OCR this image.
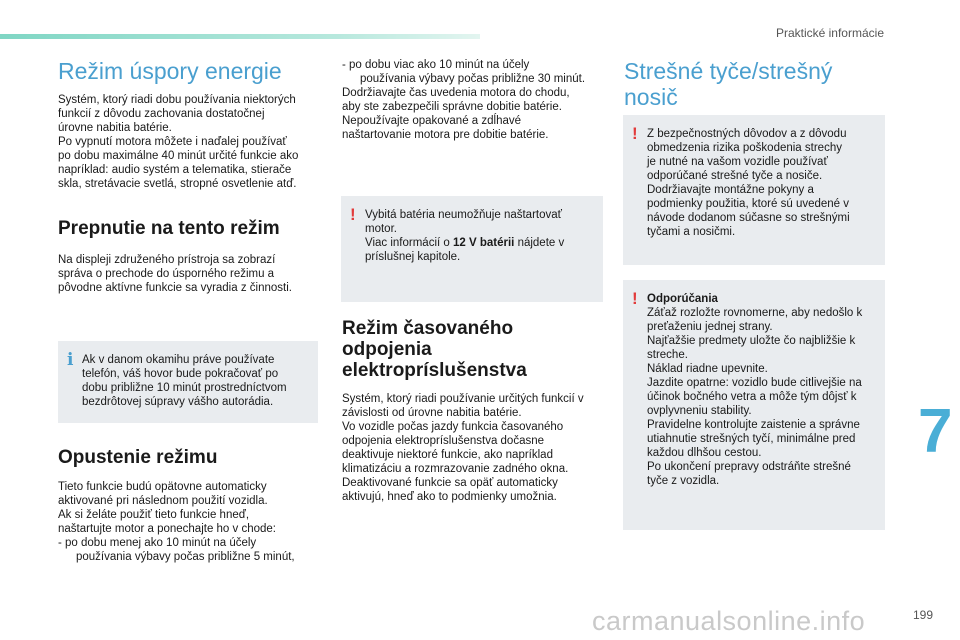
Praktické informácie
Režim úspory energie
Systém, ktorý riadi dobu používania niektorých
funkcií z dôvodu zachovania dostatočnej
úrovne nabitia batérie.
Po vypnutí motora môžete i naďalej používať
po dobu maximálne 40 minút určité funkcie ako
napríklad: audio systém a telematika, stierače
skla, stretávacie svetlá, stropné osvetlenie atď.
Prepnutie na tento režim
Na displeji združeného prístroja sa zobrazí
správa o prechode do úsporného režimu a
pôvodne aktívne funkcie sa vyradia z činnosti.
i Ak v danom okamihu práve používate
telefón, váš hovor bude pokračovať po
dobu približne 10 minút prostredníctvom
bezdrôtovej súpravy vášho autorádia.
Opustenie režimu
Tieto funkcie budú opätovne automaticky
aktivované pri následnom použití vozidla.
Ak si želáte použiť tieto funkcie hneď,
naštartujte motor a ponechajte ho v chode:
- po dobu menej ako 10 minút na účely
používania výbavy počas približne 5 minút,
- po dobu viac ako 10 minút na účely
používania výbavy počas približne 30 minút.
Dodržiavajte čas uvedenia motora do chodu,
aby ste zabezpečili správne dobitie batérie.
Nepoužívajte opakované a zdĺhavé
naštartovanie motora pre dobitie batérie.
! Vybitá batéria neumožňuje naštartovať
motor.
Viac informácií o 12 V batérii nájdete v
príslušnej kapitole.
Režim časovaného
odpojenia
elektropríslušenstva
Systém, ktorý riadi používanie určitých funkcií v
závislosti od úrovne nabitia batérie.
Vo vozidle počas jazdy funkcia časovaného
odpojenia elektropríslušenstva dočasne
deaktivuje niektoré funkcie, ako napríklad
klimatizáciu a rozmrazovanie zadného okna.
Deaktivované funkcie sa opäť automaticky
aktivujú, hneď ako to podmienky umožnia.
Strešné tyče/strešný
nosič
! Z bezpečnostných dôvodov a z dôvodu
obmedzenia rizika poškodenia strechy
je nutné na vašom vozidle používať
odporúčané strešné tyče a nosiče.
Dodržiavajte montážne pokyny a
podmienky použitia, ktoré sú uvedené v
návode dodanom súčasne so strešnými
tyčami a nosičmi.
! Odporúčania
Záťaž rozložte rovnomerne, aby nedošlo k
preťaženiu jednej strany.
Najťažšie predmety uložte čo najbližšie k
streche.
Náklad riadne upevnite.
Jazdite opatrne: vozidlo bude citlivejšie na
účinok bočného vetra a môže tým dôjsť k
ovplyvneniu stability.
Pravidelne kontrolujte zaistenie a správne
utiahnutie strešných tyčí, minimálne pred
každou dlhšou cestou.
Po ukončení prepravy odstráňte strešné
tyče z vozidla.
7
carmanualsonline.info	199
